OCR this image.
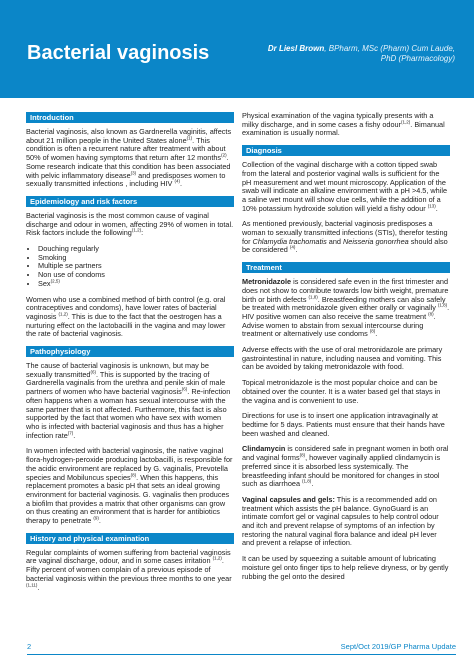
Bacterial vaginosis	Dr Liesl Brown, BPharm, MSc (Pharm) Cum Laude, PhD (Pharmacology)
Introduction

Bacterial vaginosis, also known as Gardnerella vaginitis, affects about 21 million people in the United States alone$^{(1)}$. This condition is often a recurrent nature after treatment with about 50% of women having symptoms that return after 12 months$^{(2)}$. Some research indicate that this condition has been associated with pelvic inflammatory disease$^{(3)}$ and predisposes women to sexually transmitted infections , including HIV $^{(4)}$.

Epidemiology and risk factors

Bacterial vaginosis is the most common cause of vaginal discharge and odour in women, affecting 29% of women in total. Risk factors include the following$^{(1,2)}$:

• Douching regularly
• Smoking
• Multiple se partners
• Non use of condoms
• Sex$^{(2,5)}$

Women who use a combined method of birth control (e.g. oral contraceptives and condoms), have lower rates of bacterial vaginosis $^{(1,2)}$. This is due to the fact that the oestrogen has a nurturing effect on the lactobacilli in the vagina and may lower the rate of bacterial vaginosis.

Pathophysiology

The cause of bacterial vaginosis is unknown, but may be sexually transmitted$^{(6)}$. This is supported by the tracing of Gardnerella vaginalis from the urethra and penile skin of male partners of women who have bacterial vaginosis$^{(6)}$. Re-infection often happens when a woman has sexual intercourse with the same partner that is not affected. Furthermore, this fact is also supported by the fact that women who have sex with women who is infected with bacterial vaginosis and thus has a higher infection rate$^{(7)}$.

In women infected with bacterial vaginosis, the native vaginal flora-hydrogen-peroxide producing lactobacilli, is responsible for the acidic environment are replaced by G. vaginalis, Prevotella species and Mobiluncus species$^{(8)}$. When this happens, this replacement promotes a basic pH that sets an ideal growing environment for bacterial vaginosis. G. vaginalis then produces a biofilm that provides a matrix that other organisms can grow on thus creating an environment that is harder for antibiotics therapy to penetrate $^{(9)}$.

History and physical examination

Regular complaints of women suffering from bacterial vaginosis are vaginal discharge, odour, and in some cases irritation $^{(1,2)}$. Fifty percent of women complain of a previous episode of bacterial vaginosis within the previous three months to one year $^{(1,11)}$.

Physical examination of the vagina typically presents with a milky discharge, and in some cases a fishy odour$^{(1,2)}$. Bimanual examination is usually normal.

Diagnosis

Collection of the vaginal discharge with a cotton tipped swab from the lateral and posterior vaginal walls is sufficient for the pH measurement and wet mount microscopy. Application of the swab will indicate an alkaline environment with a pH >4.5, while a saline wet mount will show clue cells, while the addition of a 10% potassium hydroxide solution will yield a fishy odour $^{(13)}$.

As mentioned previously, bacterial vaginosis predisposes a woman to sexually transmitted infections (STIs), therefor testing for Chlamydia trachomatis and Neisseria gonorrhea should also be considered $^{(4)}$.

Treatment

Metronidazole is considered safe even in the first trimester and does not show to contribute towards low birth weight, premature birth or birth defects $^{(1,8)}$. Breastfeeding mothers can also safely be treated with metronidazole given either orally or vaginally $^{(1,8)}$. HIV positive women can also receive the same treatment $^{(8)}$. Advise women to abstain from sexual intercourse during treatment or alternatively use condoms $^{(8)}$.

Adverse effects with the use of oral metronidazole are primary gastrointestinal in nature, including nausea and vomiting. This can be avoided by taking metronidazole with food.

Topical metronidazole is the most popular choice and can be obtained over the counter. It is a water based gel that stays in the vagina and is convenient to use.

Directions for use is to insert one application intravaginally at bedtime for 5 days. Patients must ensure that their hands have been washed and cleaned.

Clindamycin is considered safe in pregnant women in both oral and vaginal forms$^{(8)}$, however vaginally applied clindamycin is preferred since it is absorbed less systemically. The breastfeeding infant should be monitored for changes in stool such as diarrhoea $^{(1,8)}$.

Vaginal capsules and gels: This is a recommended add on treatment which assists the pH balance. GynoGuard is an intimate comfort gel or vaginal capsules to help control odour and itch and prevent relapse of symptoms of an infection by restoring the natural vaginal flora balance and ideal pH lever and prevent a relapse of infection.

It can be used by squeezing a suitable amount of lubricating moisture gel onto finger tips to help relieve dryness, or by gently rubbing the gel onto the desired

2	Sept/Oct 2019/GP Pharma Update
